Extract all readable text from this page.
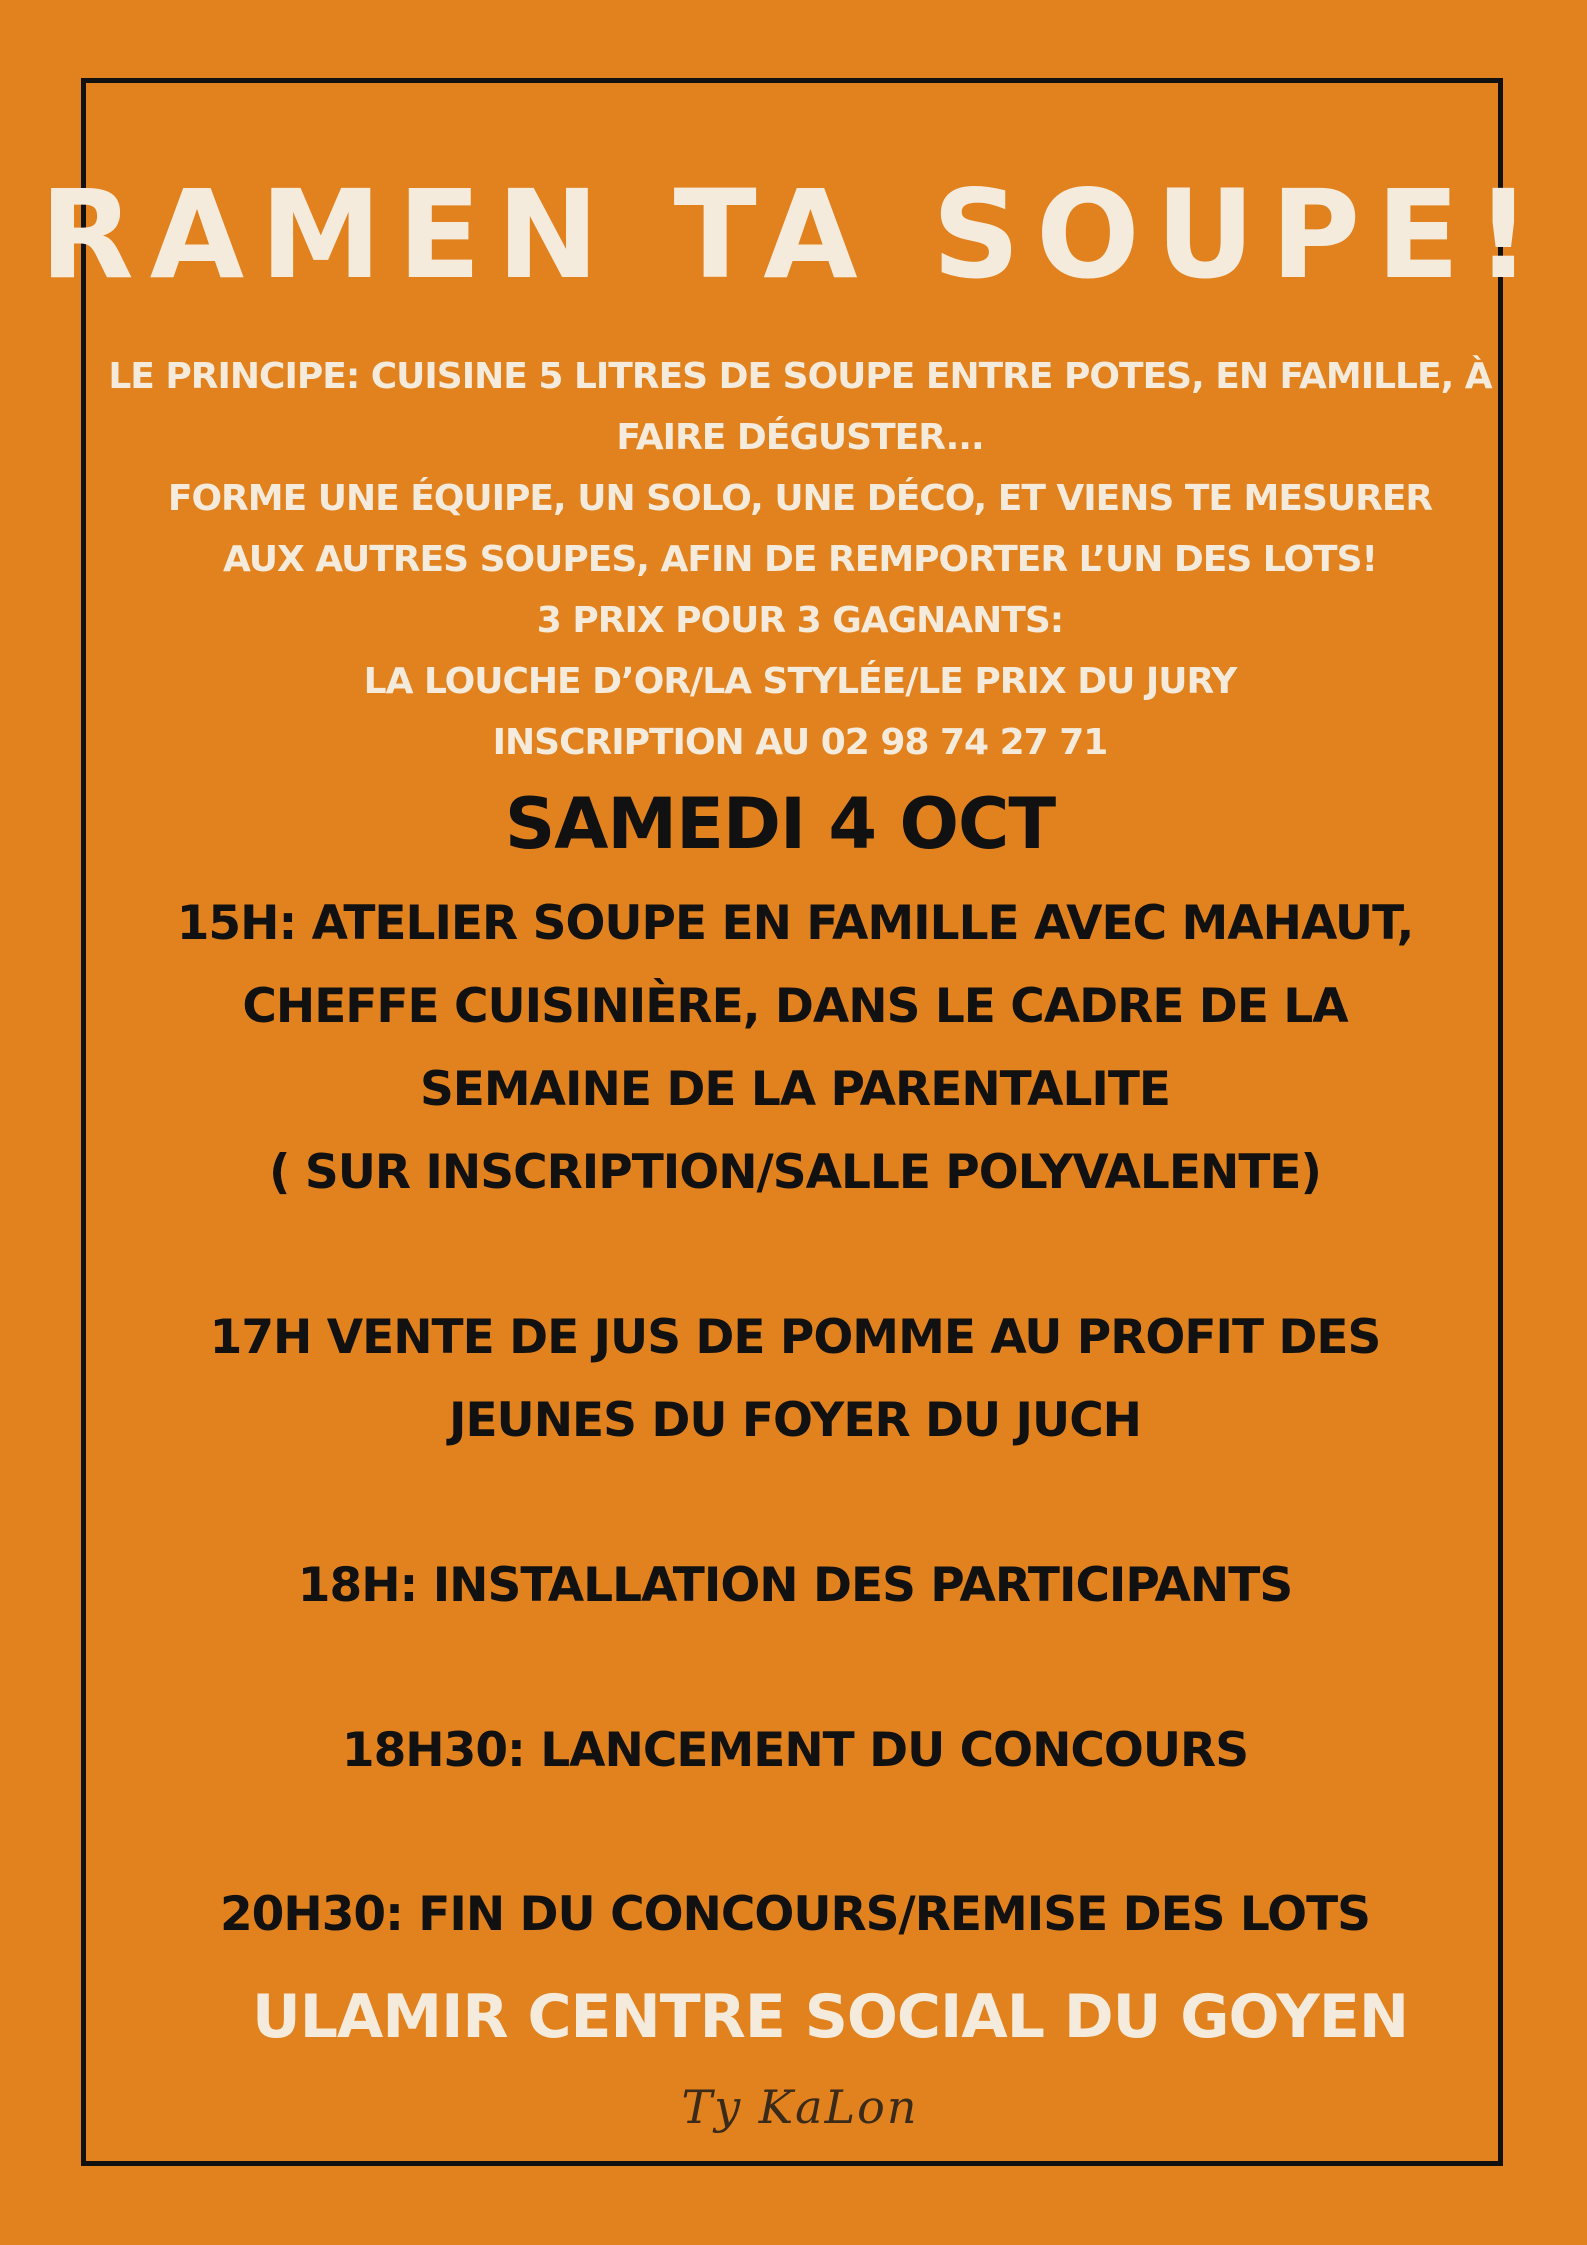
RAMEN TA SOUPE!
LE PRINCIPE: CUISINE 5 LITRES DE SOUPE ENTRE POTES, EN FAMILLE, À
FAIRE DÉGUSTER...
FORME UNE ÉQUIPE, UN SOLO, UNE DÉCO, ET VIENS TE MESURER
AUX AUTRES SOUPES, AFIN DE REMPORTER L’UN DES LOTS!
3 PRIX POUR 3 GAGNANTS:
LA LOUCHE D’OR/LA STYLÉE/LE PRIX DU JURY
INSCRIPTION AU 02 98 74 27 71
SAMEDI 4 OCT
15H: ATELIER SOUPE EN FAMILLE AVEC MAHAUT,
CHEFFE CUISINIÈRE, DANS LE CADRE DE LA
SEMAINE DE LA PARENTALITE
( SUR INSCRIPTION/SALLE POLYVALENTE)
17H VENTE DE JUS DE POMME AU PROFIT DES
JEUNES DU FOYER DU JUCH
18H: INSTALLATION DES PARTICIPANTS
18H30: LANCEMENT DU CONCOURS
20H30: FIN DU CONCOURS/REMISE DES LOTS
ULAMIR CENTRE SOCIAL DU GOYEN
Ty KaLon
